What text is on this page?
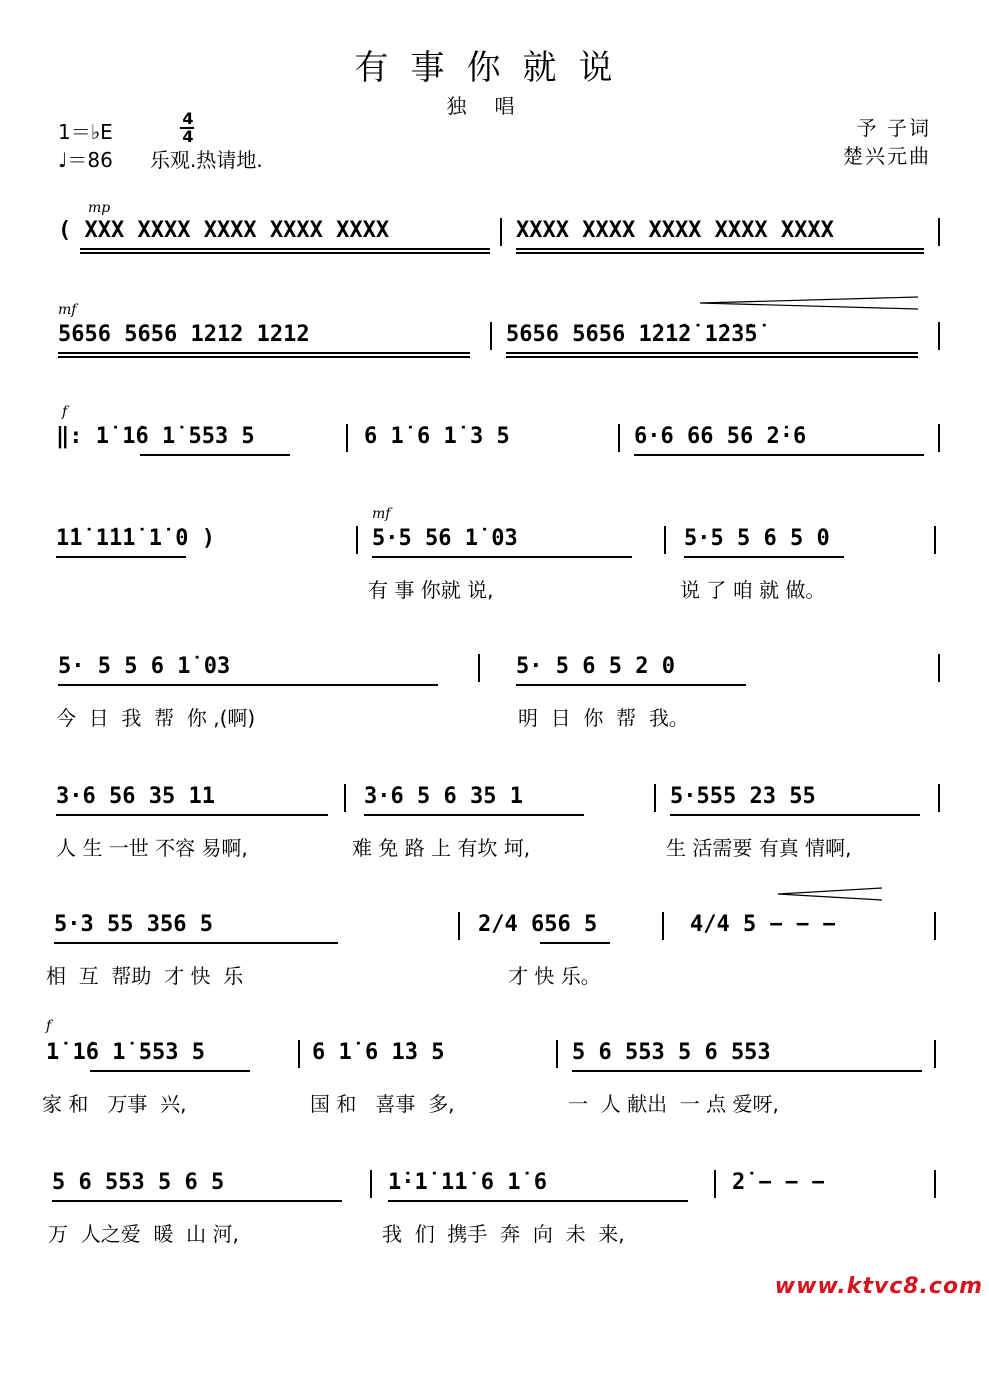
有事你就说
独唱
1＝♭E
4
4
♩＝86 乐观.热请地.
予 子词
楚兴元曲
mp
mf
f
mf
f

( XXX XXXX XXXX XXXX XXXX

	XXXX XXXX XXXX XXXX XXXX

5656 5656 1212 1212

	5656 5656 1̇2̇1̇2̇ 1̇2̇3̇5̇

‖: 1̇ 1̇6 1̇ 553 5

	6 1̇ 6 1̇ 3 5

	6·6 66 56 2̇·6

1̇1̇ 1̇1̇1̇ 1̇ 0 )

	5·5 56 1̇ 03

	5·5 5 6 5 0

有 事 你就 说,

	说 了 咱 就 做。

5· 5 5 6 1̇ 03

	5· 5 6 5 2 0

今  日  我  帮  你 ,(啊)

	明  日  你  帮  我。

3·6 56 35 11

	3·6 5 6 35 1

	5·555 23 55

人 生 一世 不容 易啊,

	难 免 路 上 有坎 坷,

	生 活需要 有真 情啊,

5·3 55 356 5

	2/4 656 5

	4/4 5 − − −

相  互  帮助  才 快  乐

	才 快 乐。

1̇ 1̇6 1̇ 553 5

	6 1̇ 6 1̇3 5

	5 6 553 5 6 553

家 和   万事  兴,

	国 和   喜事  多,

	一  人 献出  一 点 爱呀,

5 6 553 5 6 5

	1̇·1̇ 1̇1̇ 6 1̇ 6

	2̇ − − −

万  人之爱  暖  山 河,

	我  们  携手  奔  向  未  来,

www.ktvc8.com
